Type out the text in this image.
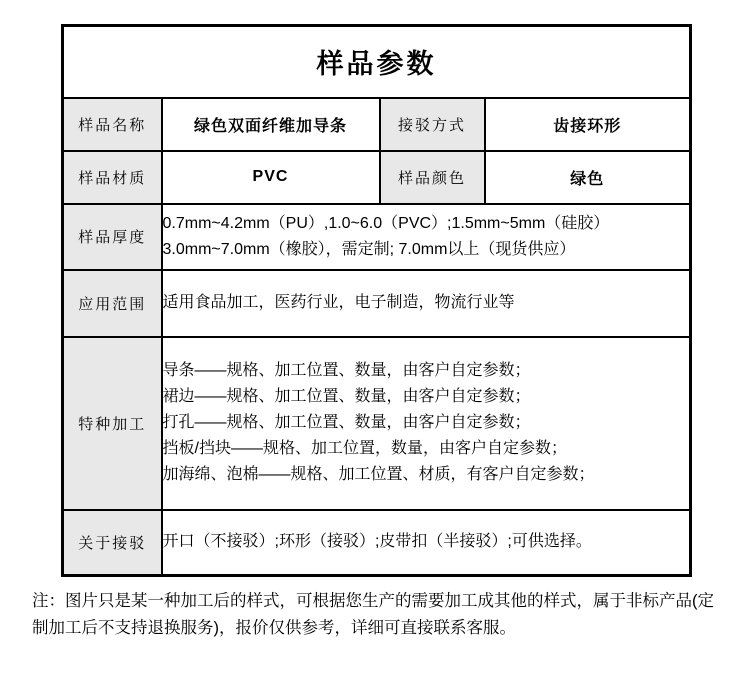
样品参数			
样品名称	绿色双面纤维加导条	接驳方式	齿接环形
样品材质	PVC	样品颜色	绿色
样品厚度	0.7mm~4.2mm（PU）,1.0~6.0（PVC）;1.5mm~5mm（硅胶）
3.0mm~7.0mm（橡胶），需定制; 7.0mm以上（现货供应）		

应用范围	适用食品加工，医药行业，电子制造，物流行业等		
特种加工	导条——规格、加工位置、数量，由客户自定参数；
裙边——规格、加工位置、数量，由客户自定参数；
打孔——规格、加工位置、数量，由客户自定参数；
挡板/挡块——规格、加工位置，数量，由客户自定参数；
加海绵、泡棉——规格、加工位置、材质，有客户自定参数；		

关于接驳	开口（不接驳）;环形（接驳）;皮带扣（半接驳）;可供选择。		
注：图片只是某一种加工后的样式，可根据您生产的需要加工成其他的样式，属于非标产品(定制加工后不支持退换服务)，报价仅供参考，详细可直接联系客服。
